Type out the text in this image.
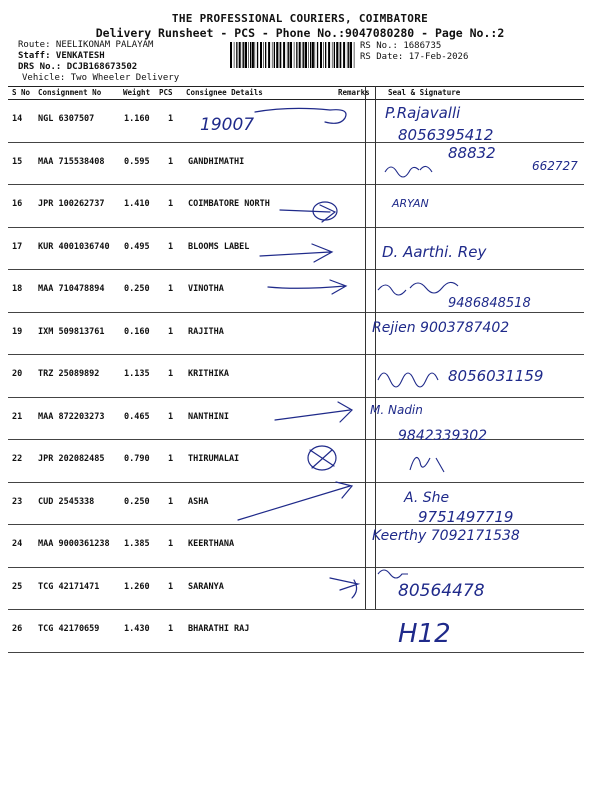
THE PROFESSIONAL COURIERS, COIMBATORE
Delivery Runsheet - PCS - Phone No.:9047080280 - Page No.:2
Route: NEELIKONAM PALAYAM
Staff: VENKATESH
DRS No.: DCJB168673502
Vehicle: Two Wheeler Delivery
RS No.: 1686735
RS Date: 17-Feb-2026
S No Consignment No	Weight PCS Consignee Details	Remarks Seal & Signature
14 NGL 6307507	1.160 1
15 MAA 715538408 0.595 1 GANDHIMATHI
16 JPR 100262737 1.410 1 COIMBATORE NORTH
17 KUR 4001036740 0.495 1 BLOOMS LABEL
18 MAA 710478894 0.250 1 VINOTHA
19 IXM 509813761 0.160 1 RAJITHA
20 TRZ 25089892	1.135 1 KRITHIKA
21 MAA 872203273 0.465 1 NANTHINI
22 JPR 202082485 0.790 1 THIRUMALAI
23 CUD 2545338	0.250 1 ASHA
24 MAA 9000361238 1.385 1 KEERTHANA
25 TCG 42171471	1.260 1 SARANYA
26 TCG 42170659	1.430 1 BHARATHI RAJ
19007
P.Rajavalli
8056395412
88832
662727
ARYAN
D. Aarthi. Rey
9486848518
Rejien 9003787402
8056031159
M. Nadin
9842339302
A. She
9751497719
Keerthy 7092171538
80564478
H12
